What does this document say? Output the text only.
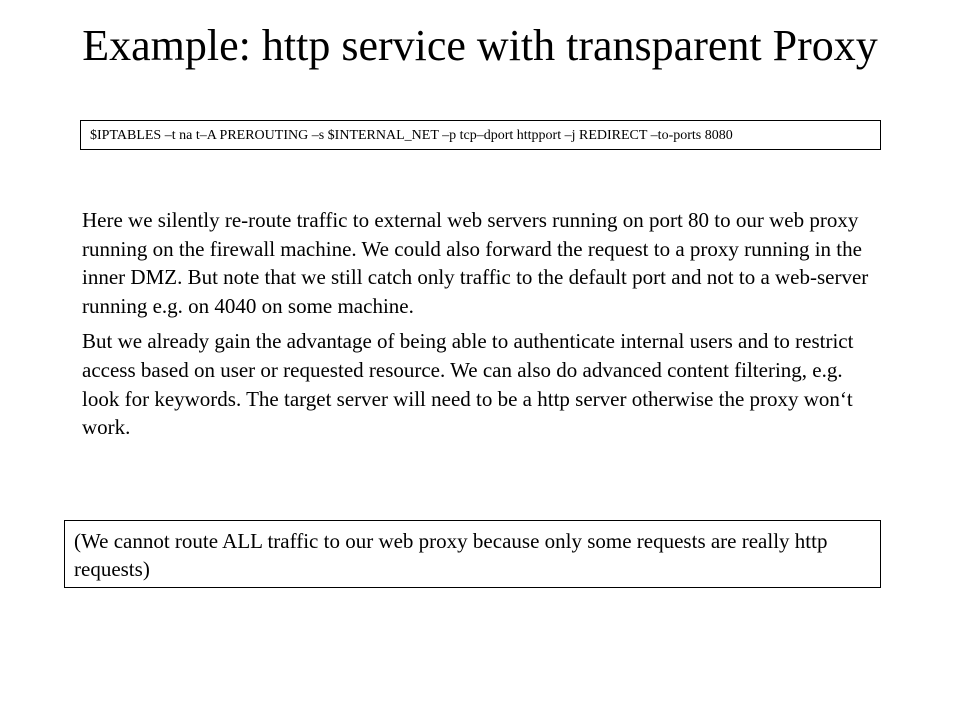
Example: http service with transparent Proxy
$IPTABLES –t na t–A PREROUTING –s $INTERNAL_NET –p tcp–dport httpport –j REDIRECT –to-ports 8080

Here we silently re-route traffic to external web servers running on port 80 to our web proxy running on the firewall machine. We could also forward the request to a proxy running in the inner DMZ. But note that we still catch only traffic to the default port and not to a web-server running e.g. on 4040 on some machine.

But we already gain the advantage of being able to authenticate internal users and to restrict access based on user or requested resource. We can also do advanced content filtering, e.g. look for keywords. The target server will need to be a http server otherwise the proxy won‘t work.

(We cannot route ALL traffic to our web proxy because only some requests are really http requests)
